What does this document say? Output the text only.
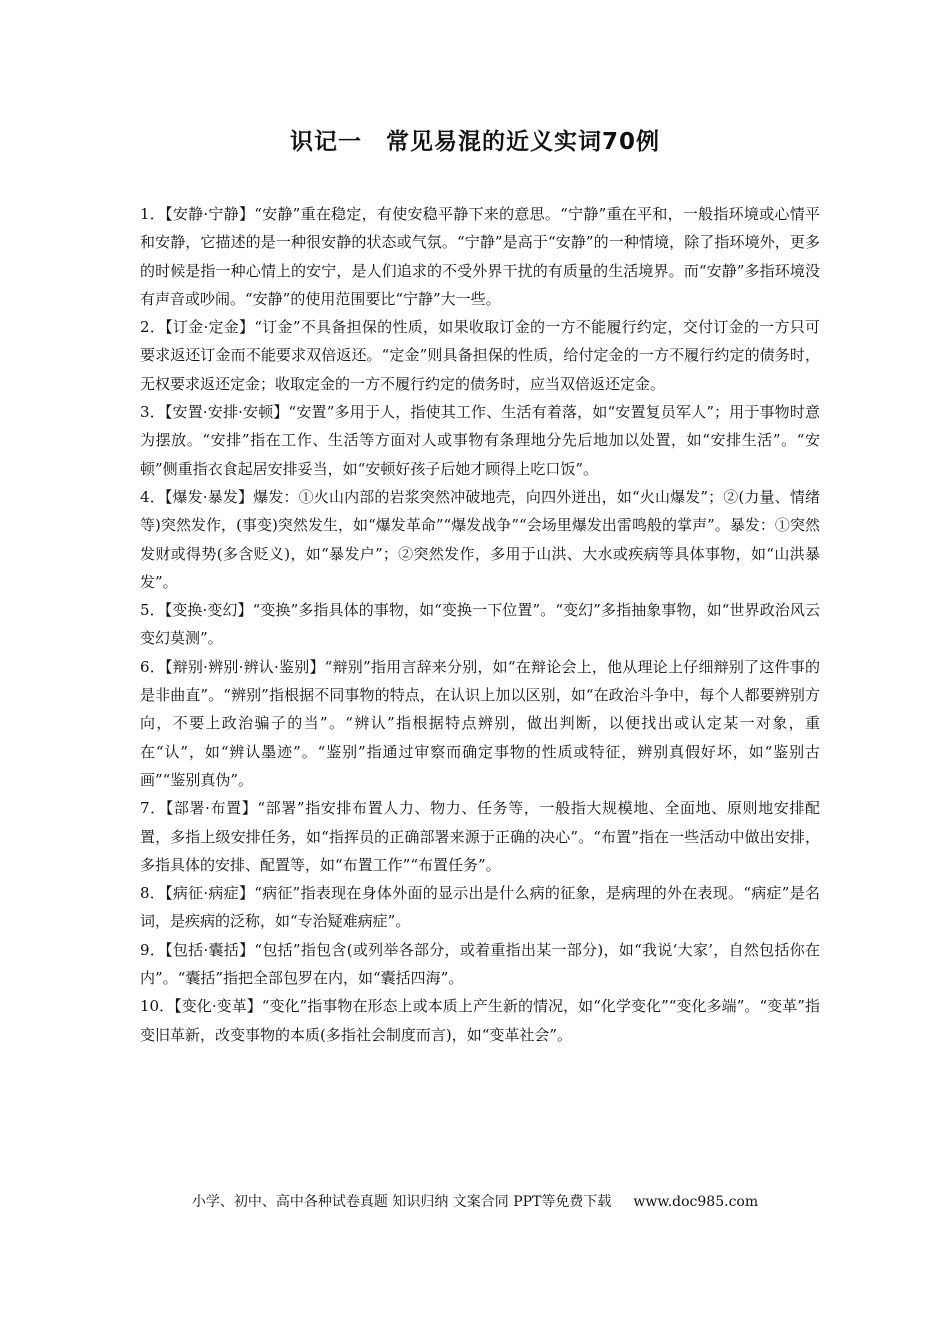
识记一　常见易混的近义实词70例

1．【安静·宁静】“安静”重在稳定，有使安稳平静下来的意思。“宁静”重在平和，一般指环境或心情平和安静，它描述的是一种很安静的状态或气氛。“宁静”是高于“安静”的一种情境，除了指环境外，更多的时候是指一种心情上的安宁，是人们追求的不受外界干扰的有质量的生活境界。而“安静”多指环境没有声音或吵闹。“安静”的使用范围要比“宁静”大一些。

2．【订金·定金】“订金”不具备担保的性质，如果收取订金的一方不能履行约定，交付订金的一方只可要求返还订金而不能要求双倍返还。“定金”则具备担保的性质，给付定金的一方不履行约定的债务时，无权要求返还定金；收取定金的一方不履行约定的债务时，应当双倍返还定金。

3．【安置·安排·安顿】“安置”多用于人，指使其工作、生活有着落，如“安置复员军人”；用于事物时意为摆放。“安排”指在工作、生活等方面对人或事物有条理地分先后地加以处置，如“安排生活”。“安顿”侧重指衣食起居安排妥当，如“安顿好孩子后她才顾得上吃口饭”。

4．【爆发·暴发】爆发：①火山内部的岩浆突然冲破地壳，向四外迸出，如“火山爆发”；②(力量、情绪等)突然发作，(事变)突然发生，如“爆发革命”“爆发战争”“会场里爆发出雷鸣般的掌声”。暴发：①突然发财或得势(多含贬义)，如“暴发户”；②突然发作，多用于山洪、大水或疾病等具体事物，如“山洪暴发”。

5．【变换·变幻】“变换”多指具体的事物，如“变换一下位置”。“变幻”多指抽象事物，如“世界政治风云变幻莫测”。

6．【辩别·辨别·辨认·鉴别】“辩别”指用言辞来分别，如“在辩论会上，他从理论上仔细辩别了这件事的是非曲直”。“辨别”指根据不同事物的特点，在认识上加以区别，如“在政治斗争中，每个人都要辨别方向，不要上政治骗子的当”。“辨认”指根据特点辨别，做出判断，以便找出或认定某一对象，重在“认”，如“辨认墨迹”。“鉴别”指通过审察而确定事物的性质或特征，辨别真假好坏，如“鉴别古画”“鉴别真伪”。

7．【部署·布置】“部署”指安排布置人力、物力、任务等，一般指大规模地、全面地、原则地安排配置，多指上级安排任务，如“指挥员的正确部署来源于正确的决心”。“布置”指在一些活动中做出安排，多指具体的安排、配置等，如“布置工作”“布置任务”。

8．【病征·病症】“病征”指表现在身体外面的显示出是什么病的征象，是病理的外在表现。“病症”是名词，是疾病的泛称，如“专治疑难病症”。

9．【包括·囊括】“包括”指包含(或列举各部分，或着重指出某一部分)，如“我说‘大家’，自然包括你在内”。“囊括”指把全部包罗在内，如“囊括四海”。

10．【变化·变革】“变化”指事物在形态上或本质上产生新的情况，如“化学变化”“变化多端”。“变革”指变旧革新，改变事物的本质(多指社会制度而言)，如“变革社会”。

小学、初中、高中各种试卷真题 知识归纳 文案合同 PPT等免费下载 www.doc985.com
